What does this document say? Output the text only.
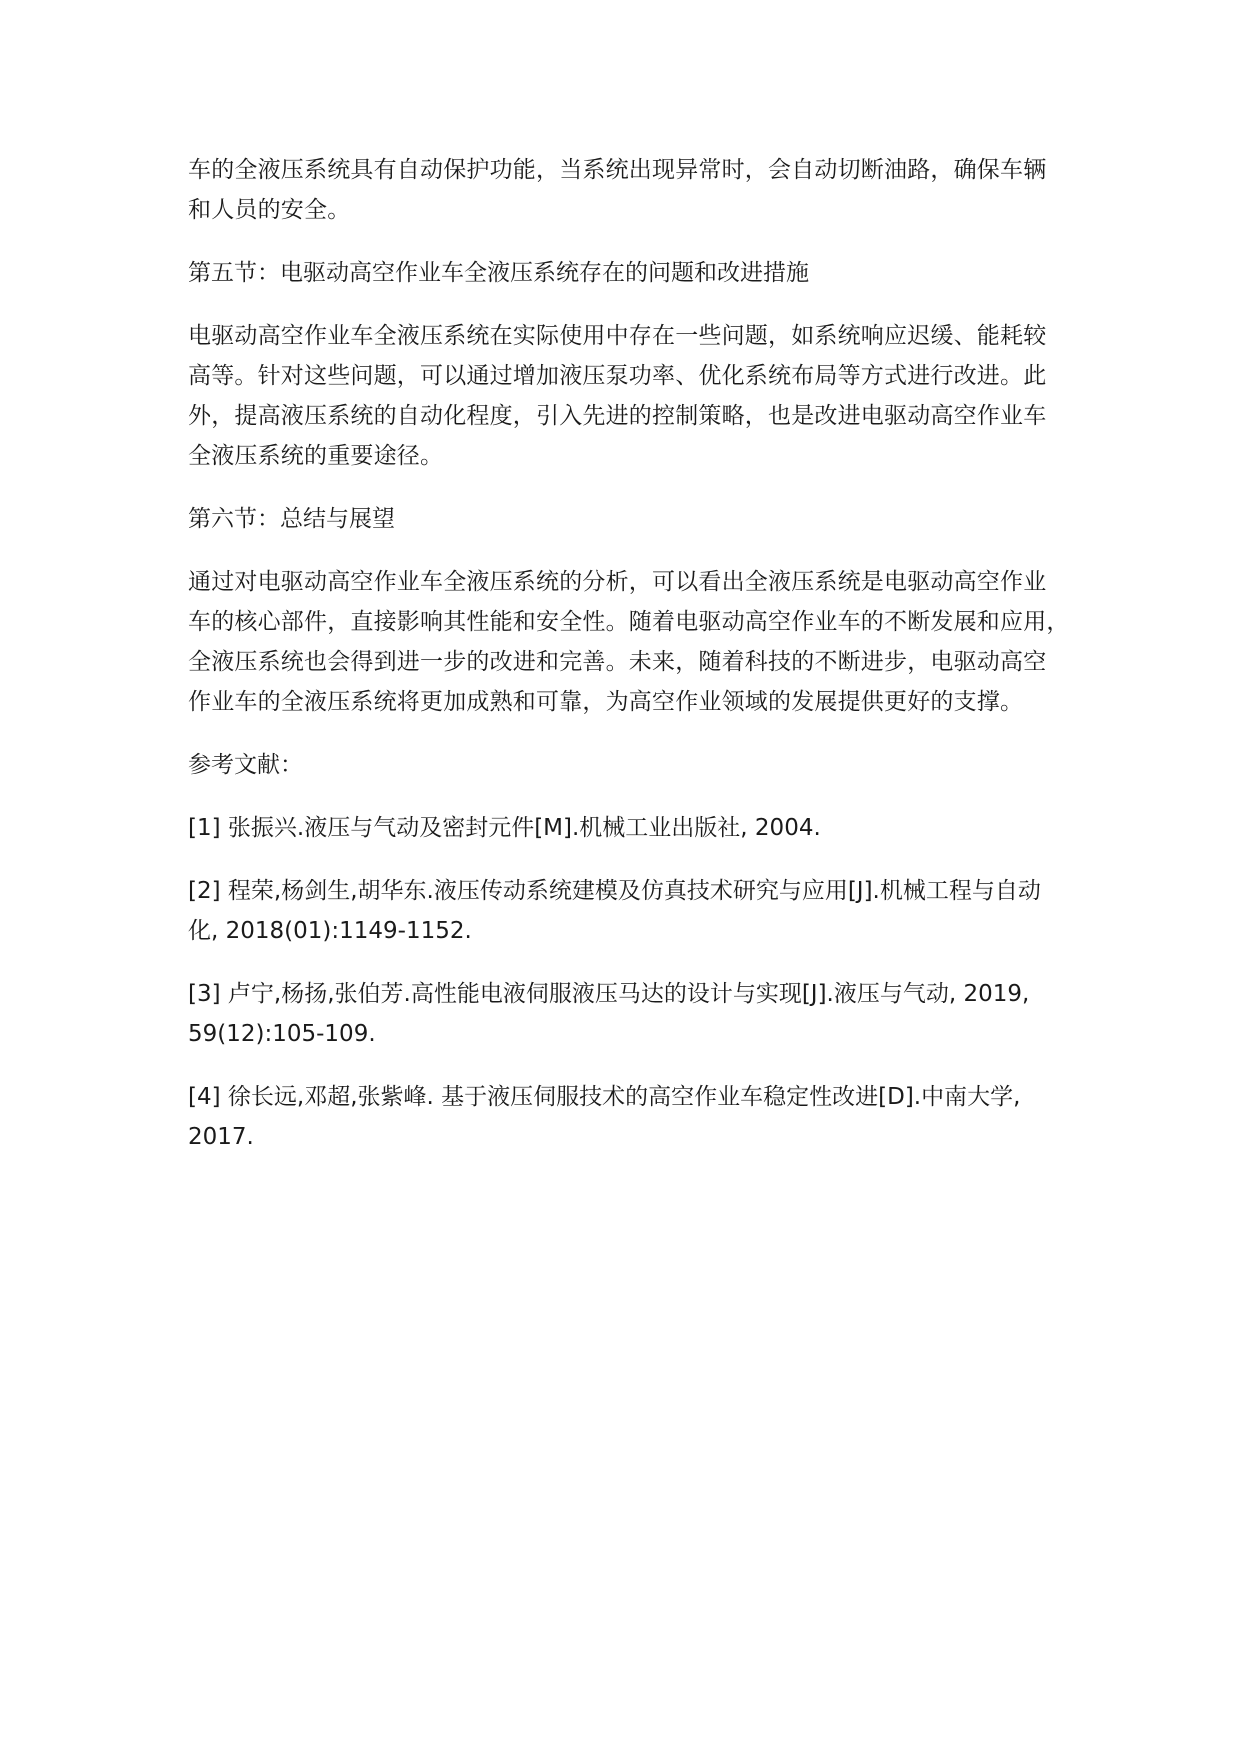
车的全液压系统具有自动保护功能，当系统出现异常时，会自动切断油路，确保车辆
和人员的安全。

第五节：电驱动高空作业车全液压系统存在的问题和改进措施

电驱动高空作业车全液压系统在实际使用中存在一些问题，如系统响应迟缓、能耗较
高等。针对这些问题，可以通过增加液压泵功率、优化系统布局等方式进行改进。此
外，提高液压系统的自动化程度，引入先进的控制策略，也是改进电驱动高空作业车
全液压系统的重要途径。

第六节：总结与展望

通过对电驱动高空作业车全液压系统的分析，可以看出全液压系统是电驱动高空作业
车的核心部件，直接影响其性能和安全性。随着电驱动高空作业车的不断发展和应用，
全液压系统也会得到进一步的改进和完善。未来，随着科技的不断进步，电驱动高空
作业车的全液压系统将更加成熟和可靠，为高空作业领域的发展提供更好的支撑。

参考文献：

[1] 张振兴.液压与气动及密封元件[M].机械工业出版社, 2004.

[2] 程荣,杨剑生,胡华东.液压传动系统建模及仿真技术研究与应用[J].机械工程与自动
化, 2018(01):1149-1152.

[3] 卢宁,杨扬,张伯芳.高性能电液伺服液压马达的设计与实现[J].液压与气动, 2019,
59(12):105-109.

[4] 徐长远,邓超,张紫峰. 基于液压伺服技术的高空作业车稳定性改进[D].中南大学,
2017.
